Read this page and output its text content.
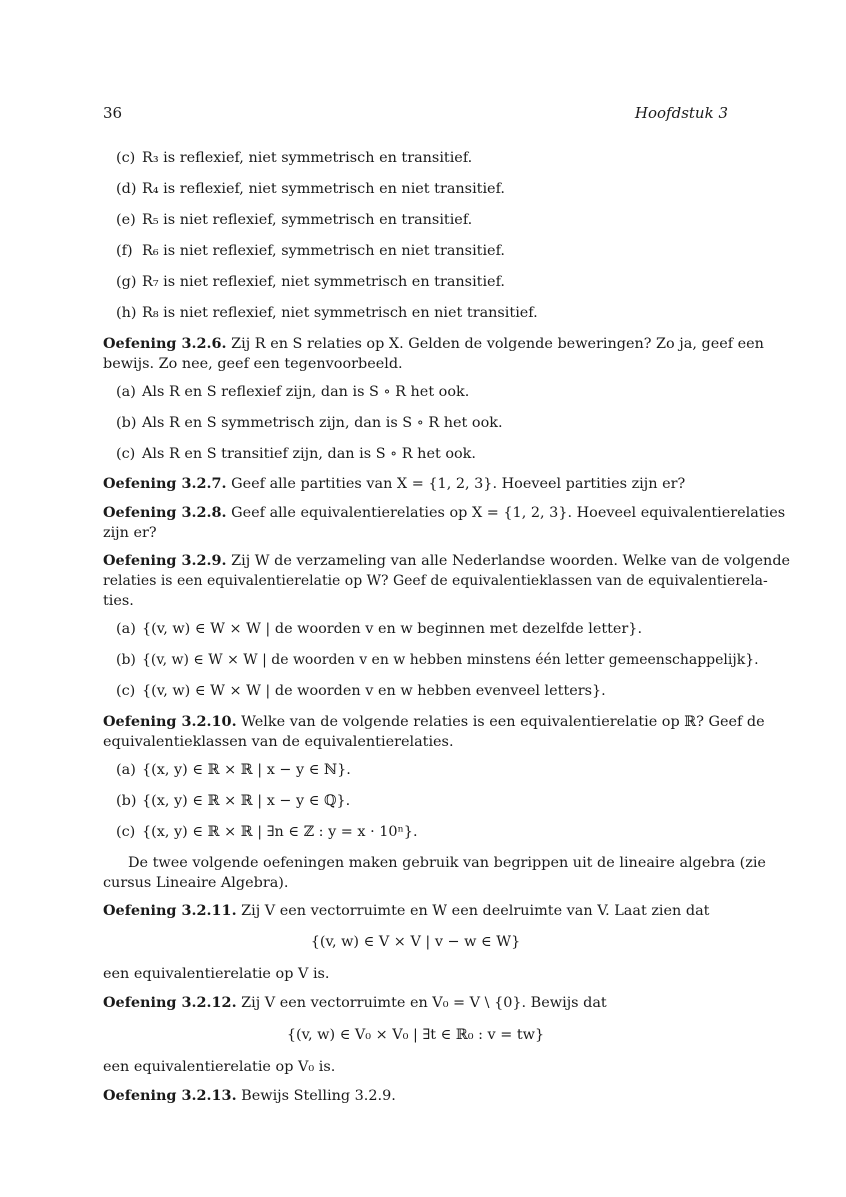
36	Hoofdstuk 3
(c) R₃ is reflexief, niet symmetrisch en transitief.
(d) R₄ is reflexief, niet symmetrisch en niet transitief.
(e) R₅ is niet reflexief, symmetrisch en transitief.
(f) R₆ is niet reflexief, symmetrisch en niet transitief.
(g) R₇ is niet reflexief, niet symmetrisch en transitief.
(h) R₈ is niet reflexief, niet symmetrisch en niet transitief.
Oefening 3.2.6. Zij R en S relaties op X. Gelden de volgende beweringen? Zo ja, geef een
bewijs. Zo nee, geef een tegenvoorbeeld.
(a) Als R en S reflexief zijn, dan is S ∘ R het ook.
(b) Als R en S symmetrisch zijn, dan is S ∘ R het ook.
(c) Als R en S transitief zijn, dan is S ∘ R het ook.
Oefening 3.2.7. Geef alle partities van X = {1, 2, 3}. Hoeveel partities zijn er?
Oefening 3.2.8. Geef alle equivalentierelaties op X = {1, 2, 3}. Hoeveel equivalentierelaties
zijn er?
Oefening 3.2.9. Zij W de verzameling van alle Nederlandse woorden. Welke van de volgende
relaties is een equivalentierelatie op W? Geef de equivalentieklassen van de equivalentierela-
ties.
(a) {(v, w) ∈ W × W | de woorden v en w beginnen met dezelfde letter}.
(b) {(v, w) ∈ W × W | de woorden v en w hebben minstens één letter gemeenschappelijk}.
(c) {(v, w) ∈ W × W | de woorden v en w hebben evenveel letters}.
Oefening 3.2.10. Welke van de volgende relaties is een equivalentierelatie op ℝ? Geef de
equivalentieklassen van de equivalentierelaties.
(a) {(x, y) ∈ ℝ × ℝ | x − y ∈ ℕ}.
(b) {(x, y) ∈ ℝ × ℝ | x − y ∈ ℚ}.
(c) {(x, y) ∈ ℝ × ℝ | ∃n ∈ ℤ : y = x · 10ⁿ}.
De twee volgende oefeningen maken gebruik van begrippen uit de lineaire algebra (zie
cursus Lineaire Algebra).
Oefening 3.2.11. Zij V een vectorruimte en W een deelruimte van V. Laat zien dat
{(v, w) ∈ V × V | v − w ∈ W}
een equivalentierelatie op V is.
Oefening 3.2.12. Zij V een vectorruimte en V₀ = V \ {0}. Bewijs dat
{(v, w) ∈ V₀ × V₀ | ∃t ∈ ℝ₀ : v = tw}
een equivalentierelatie op V₀ is.
Oefening 3.2.13. Bewijs Stelling 3.2.9.
